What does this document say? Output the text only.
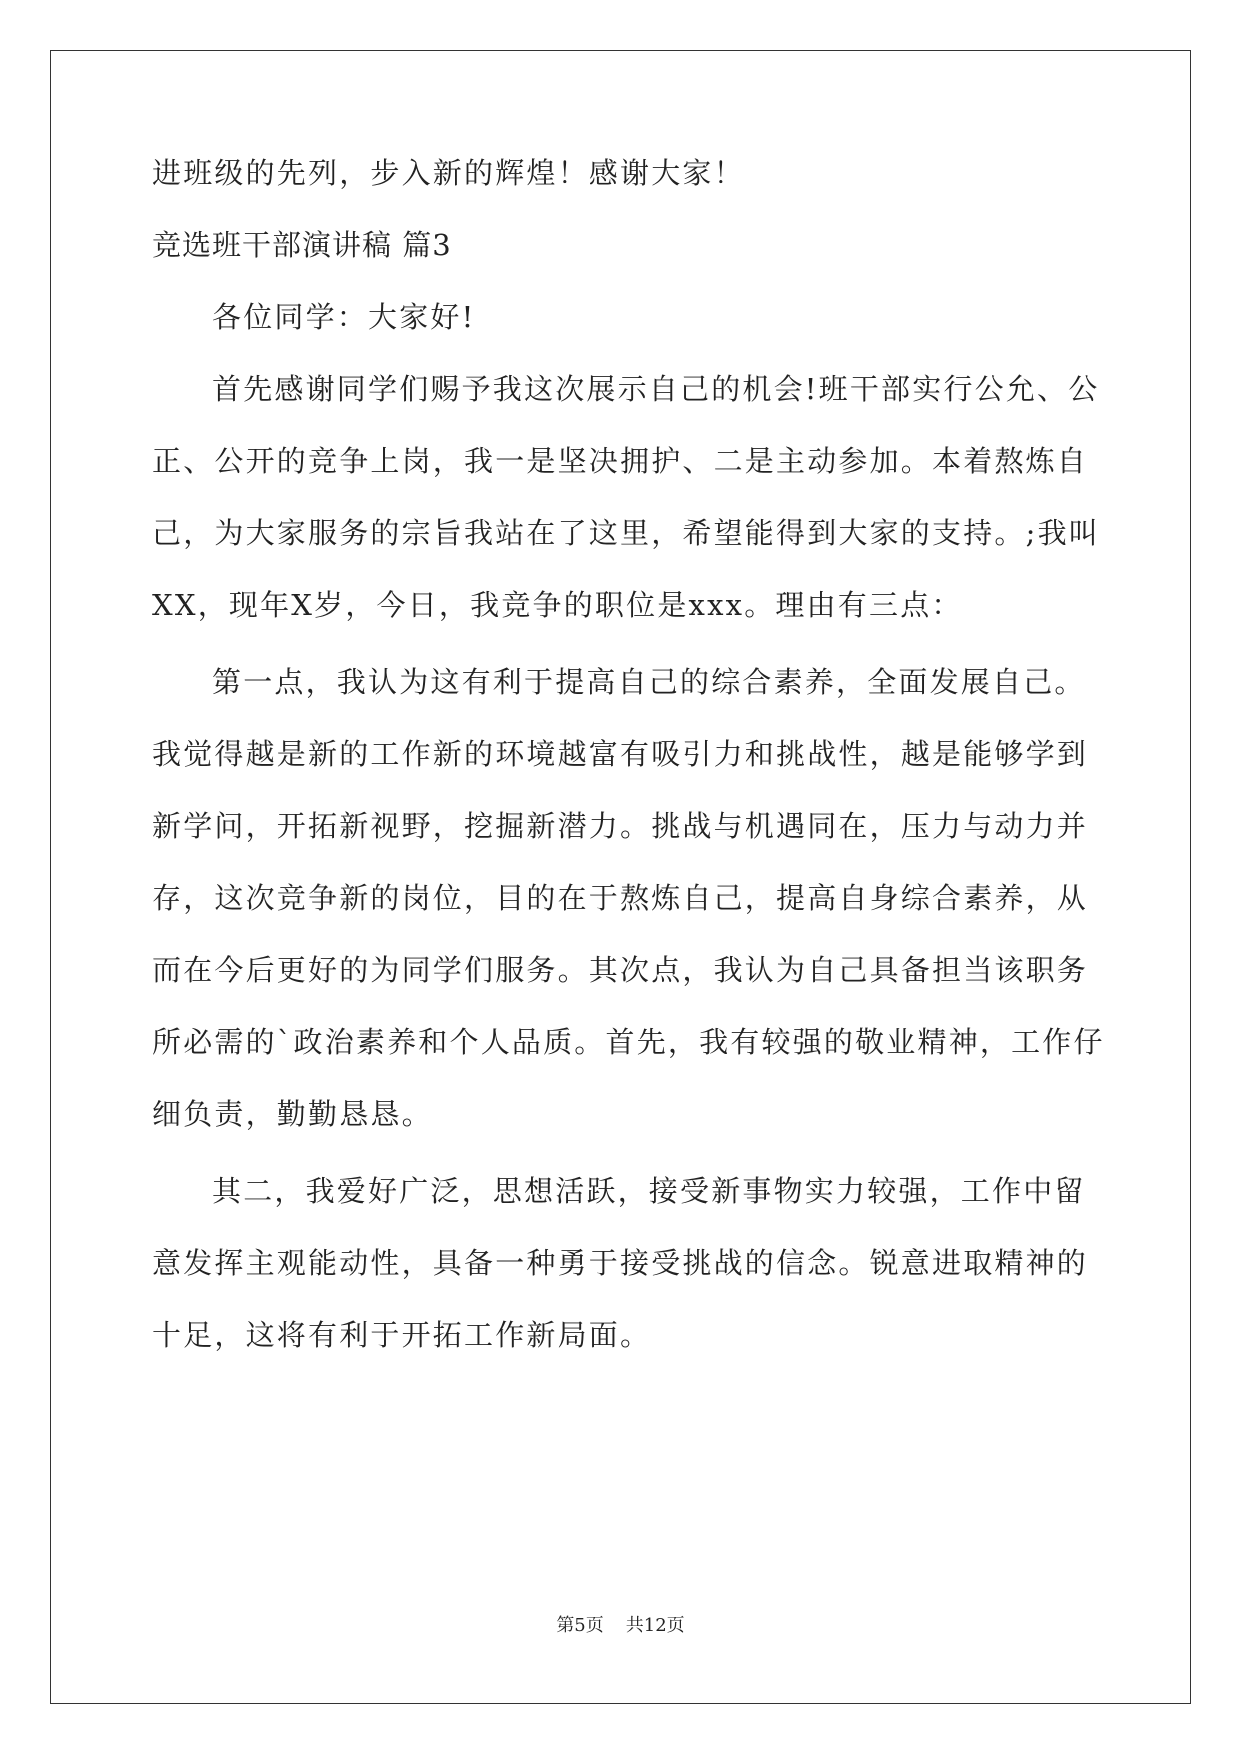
进班级的先列，步入新的辉煌！感谢大家！
竞选班干部演讲稿 篇3
各位同学：大家好!
首先感谢同学们赐予我这次展示自己的机会!班干部实行公允、公
正、公开的竞争上岗，我一是坚决拥护、二是主动参加。本着熬炼自
己，为大家服务的宗旨我站在了这里，希望能得到大家的支持。;我叫
XX，现年X岁，今日，我竞争的职位是xxx。理由有三点：
第一点，我认为这有利于提高自己的综合素养，全面发展自己。
我觉得越是新的工作新的环境越富有吸引力和挑战性，越是能够学到
新学问，开拓新视野，挖掘新潜力。挑战与机遇同在，压力与动力并
存，这次竞争新的岗位，目的在于熬炼自己，提高自身综合素养，从
而在今后更好的为同学们服务。其次点，我认为自己具备担当该职务
所必需的`政治素养和个人品质。首先，我有较强的敬业精神，工作仔
细负责，勤勤恳恳。
其二，我爱好广泛，思想活跃，接受新事物实力较强，工作中留
意发挥主观能动性，具备一种勇于接受挑战的信念。锐意进取精神的
十足，这将有利于开拓工作新局面。
第5页 共12页
